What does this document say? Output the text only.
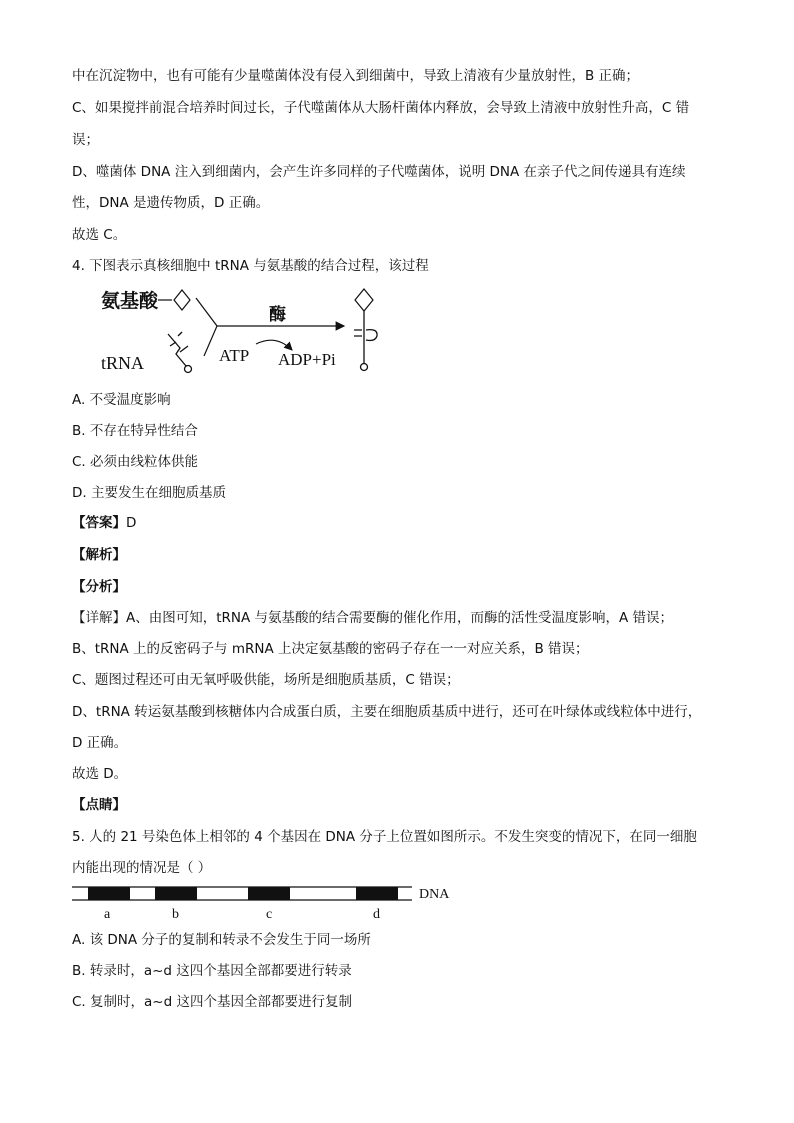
中在沉淀物中，也有可能有少量噬菌体没有侵入到细菌中，导致上清液有少量放射性，B 正确；
C、如果搅拌前混合培养时间过长，子代噬菌体从大肠杆菌体内释放，会导致上清液中放射性升高，C 错
误；
D、噬菌体 DNA 注入到细菌内，会产生许多同样的子代噬菌体，说明 DNA 在亲子代之间传递具有连续
性，DNA 是遗传物质，D 正确。
故选 C。
4. 下图表示真核细胞中 tRNA 与氨基酸的结合过程，该过程
氨基酸
tRNA
酶
ATP ADP+Pi
A. 不受温度影响
B. 不存在特异性结合
C. 必须由线粒体供能
D. 主要发生在细胞质基质
【答案】D
【解析】
【分析】
【详解】A、由图可知，tRNA 与氨基酸的结合需要酶的催化作用，而酶的活性受温度影响，A 错误；
B、tRNA 上的反密码子与 mRNA 上决定氨基酸的密码子存在一一对应关系，B 错误；
C、题图过程还可由无氧呼吸供能，场所是细胞质基质，C 错误；
D、tRNA 转运氨基酸到核糖体内合成蛋白质，主要在细胞质基质中进行，还可在叶绿体或线粒体中进行，
D 正确。
故选 D。
【点睛】
5. 人的 21 号染色体上相邻的 4 个基因在 DNA 分子上位置如图所示。不发生突变的情况下，在同一细胞
内能出现的情况是（ ）
DNA
a	b	c	d
A. 该 DNA 分子的复制和转录不会发生于同一场所
B. 转录时，a~d 这四个基因全部都要进行转录
C. 复制时，a~d 这四个基因全部都要进行复制
